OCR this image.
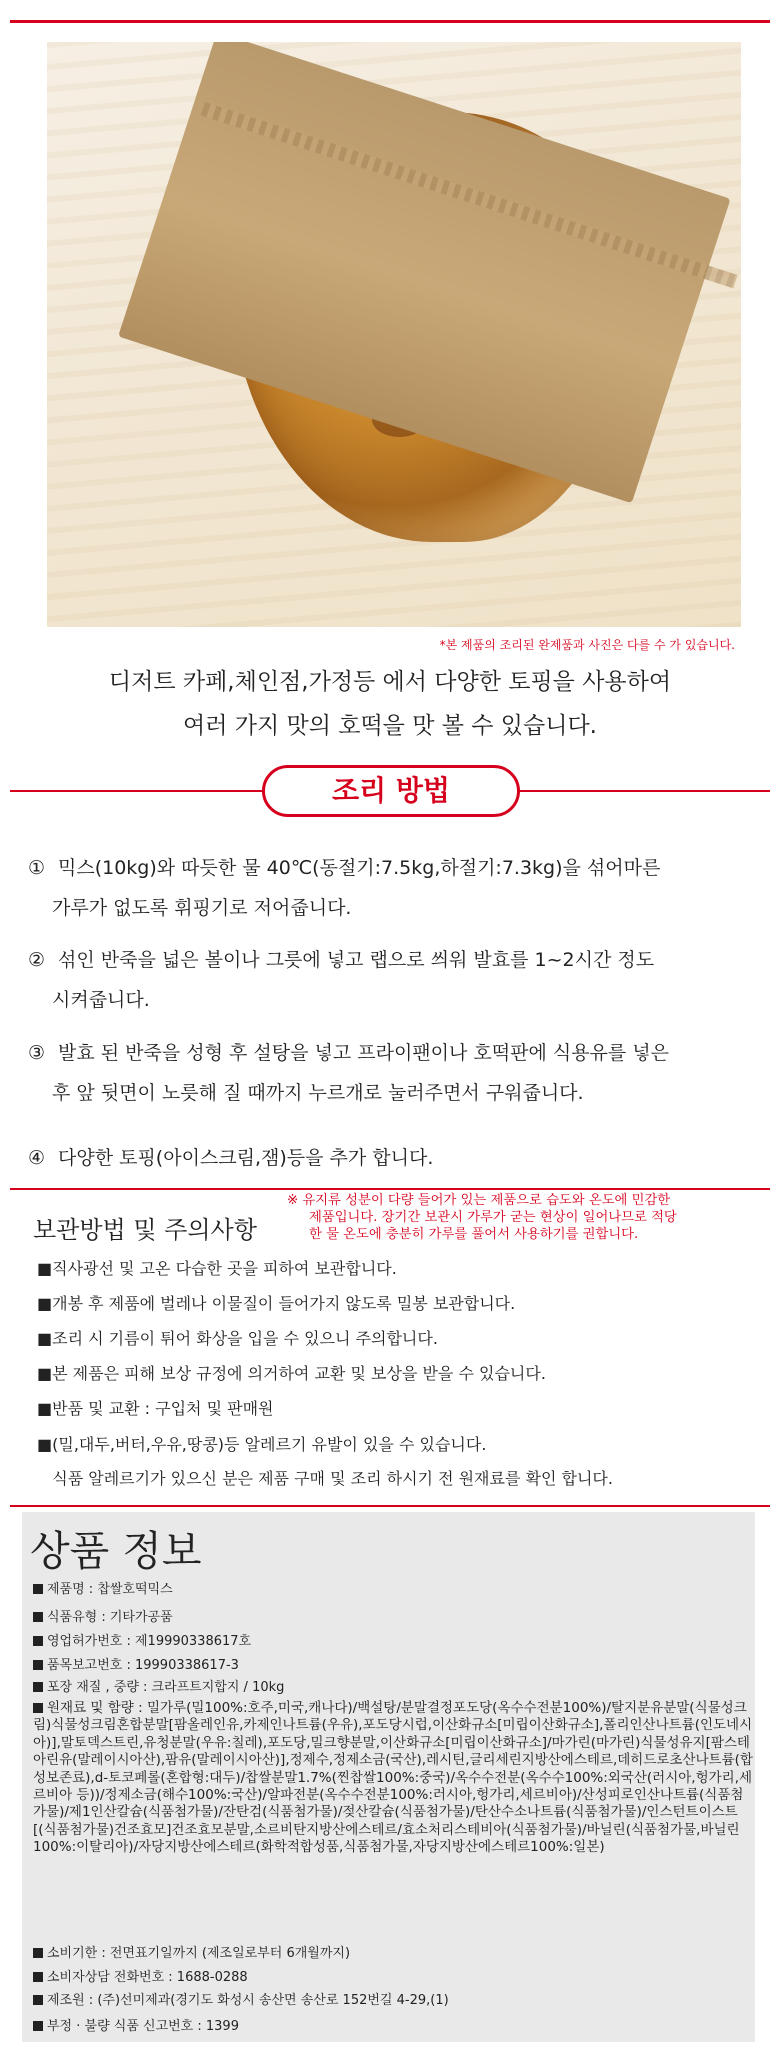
*본 제품의 조리된 완제품과 사진은 다를 수 가 있습니다.
디저트 카페,체인점,가정등 에서 다양한 토핑을 사용하여
여러 가지 맛의 호떡을 맛 볼 수 있습니다.
조리 방법
① 믹스(10kg)와 따듯한 물 40℃(동절기:7.5kg,하절기:7.3kg)을 섞어마른
가루가 없도록 휘핑기로 저어줍니다.
② 섞인 반죽을 넓은 볼이나 그릇에 넣고 랩으로 씌워 발효를 1~2시간 정도
시켜줍니다.
③ 발효 된 반죽을 성형 후 설탕을 넣고 프라이팬이나 호떡판에 식용유를 넣은
후 앞 뒷면이 노릇해 질 때까지 누르개로 눌러주면서 구워줍니다.
④ 다양한 토핑(아이스크림,잼)등을 추가 합니다.
보관방법 및 주의사항
※ 유지류 성분이 다량 들어가 있는 제품으로 습도와 온도에 민감한
제품입니다. 장기간 보관시 가루가 굳는 현상이 일어나므로 적당
한 물 온도에 충분히 가루를 풀어서 사용하기를 권합니다.
■직사광선 및 고온 다습한 곳을 피하여 보관합니다.
■개봉 후 제품에 벌레나 이물질이 들어가지 않도록 밀봉 보관합니다.
■조리 시 기름이 튀어 화상을 입을 수 있으니 주의합니다.
■본 제품은 피해 보상 규정에 의거하여 교환 및 보상을 받을 수 있습니다.
■반품 및 교환 : 구입처 및 판매원
■(밀,대두,버터,우유,땅콩)등 알레르기 유발이 있을 수 있습니다.
식품 알레르기가 있으신 분은 제품 구매 및 조리 하시기 전 원재료를 확인 합니다.
상품 정보
제품명 : 찹쌀호떡믹스
식품유형 : 기타가공품
영업허가번호 : 제19990338617호
품목보고번호 : 19990338617-3
포장 재질 , 중량 : 크라프트지합지 / 10kg
원재료 및 함량 : 밀가루(밀100%:호주,미국,캐나다)/백설탕/분말결정포도당(옥수수전분100%)/탈지분유분말(식물성크림)식물성크림혼합분말[팜올레인유,카제인나트륨(우유),포도당시럽,이산화규소[미립이산화규소],폴리인산나트륨(인도네시아)],말토덱스트린,유청분말(우유:칠레),포도당,밀크향분말,이산화규소[미립이산화규소]/마가린(마가린)식물성유지[팜스테아린유(말레이시아산),팜유(말레이시아산)],정제수,정제소금(국산),레시틴,글리세린지방산에스테르,데히드로초산나트륨(합성보존료),d-토코페롤(혼합형:대두)/찹쌀분말1.7%(찐찹쌀100%:중국)/옥수수전분(옥수수100%:외국산(러시아,헝가리,세르비아 등))/정제소금(해수100%:국산)/알파전분(옥수수전분100%:러시아,헝가리,세르비아)/산성피로인산나트륨(식품첨가물)/제1인산칼슘(식품첨가물)/잔탄검(식품첨가물)/젖산칼슘(식품첨가물)/탄산수소나트륨(식품첨가물)/인스턴트이스트[(식품첨가물)건조효모]건조효모분말,소르비탄지방산에스테르/효소처리스테비아(식품첨가물)/바닐린(식품첨가물,바닐린100%:이탈리아)/자당지방산에스테르(화학적합성품,식품첨가물,자당지방산에스테르100%:일본)
소비기한 : 전면표기일까지 (제조일로부터 6개월까지)
소비자상담 전화번호 : 1688-0288
제조원 : (주)선미제과(경기도 화성시 송산면 송산로 152번길 4-29,(1)
부정 · 불량 식품 신고번호 : 1399
